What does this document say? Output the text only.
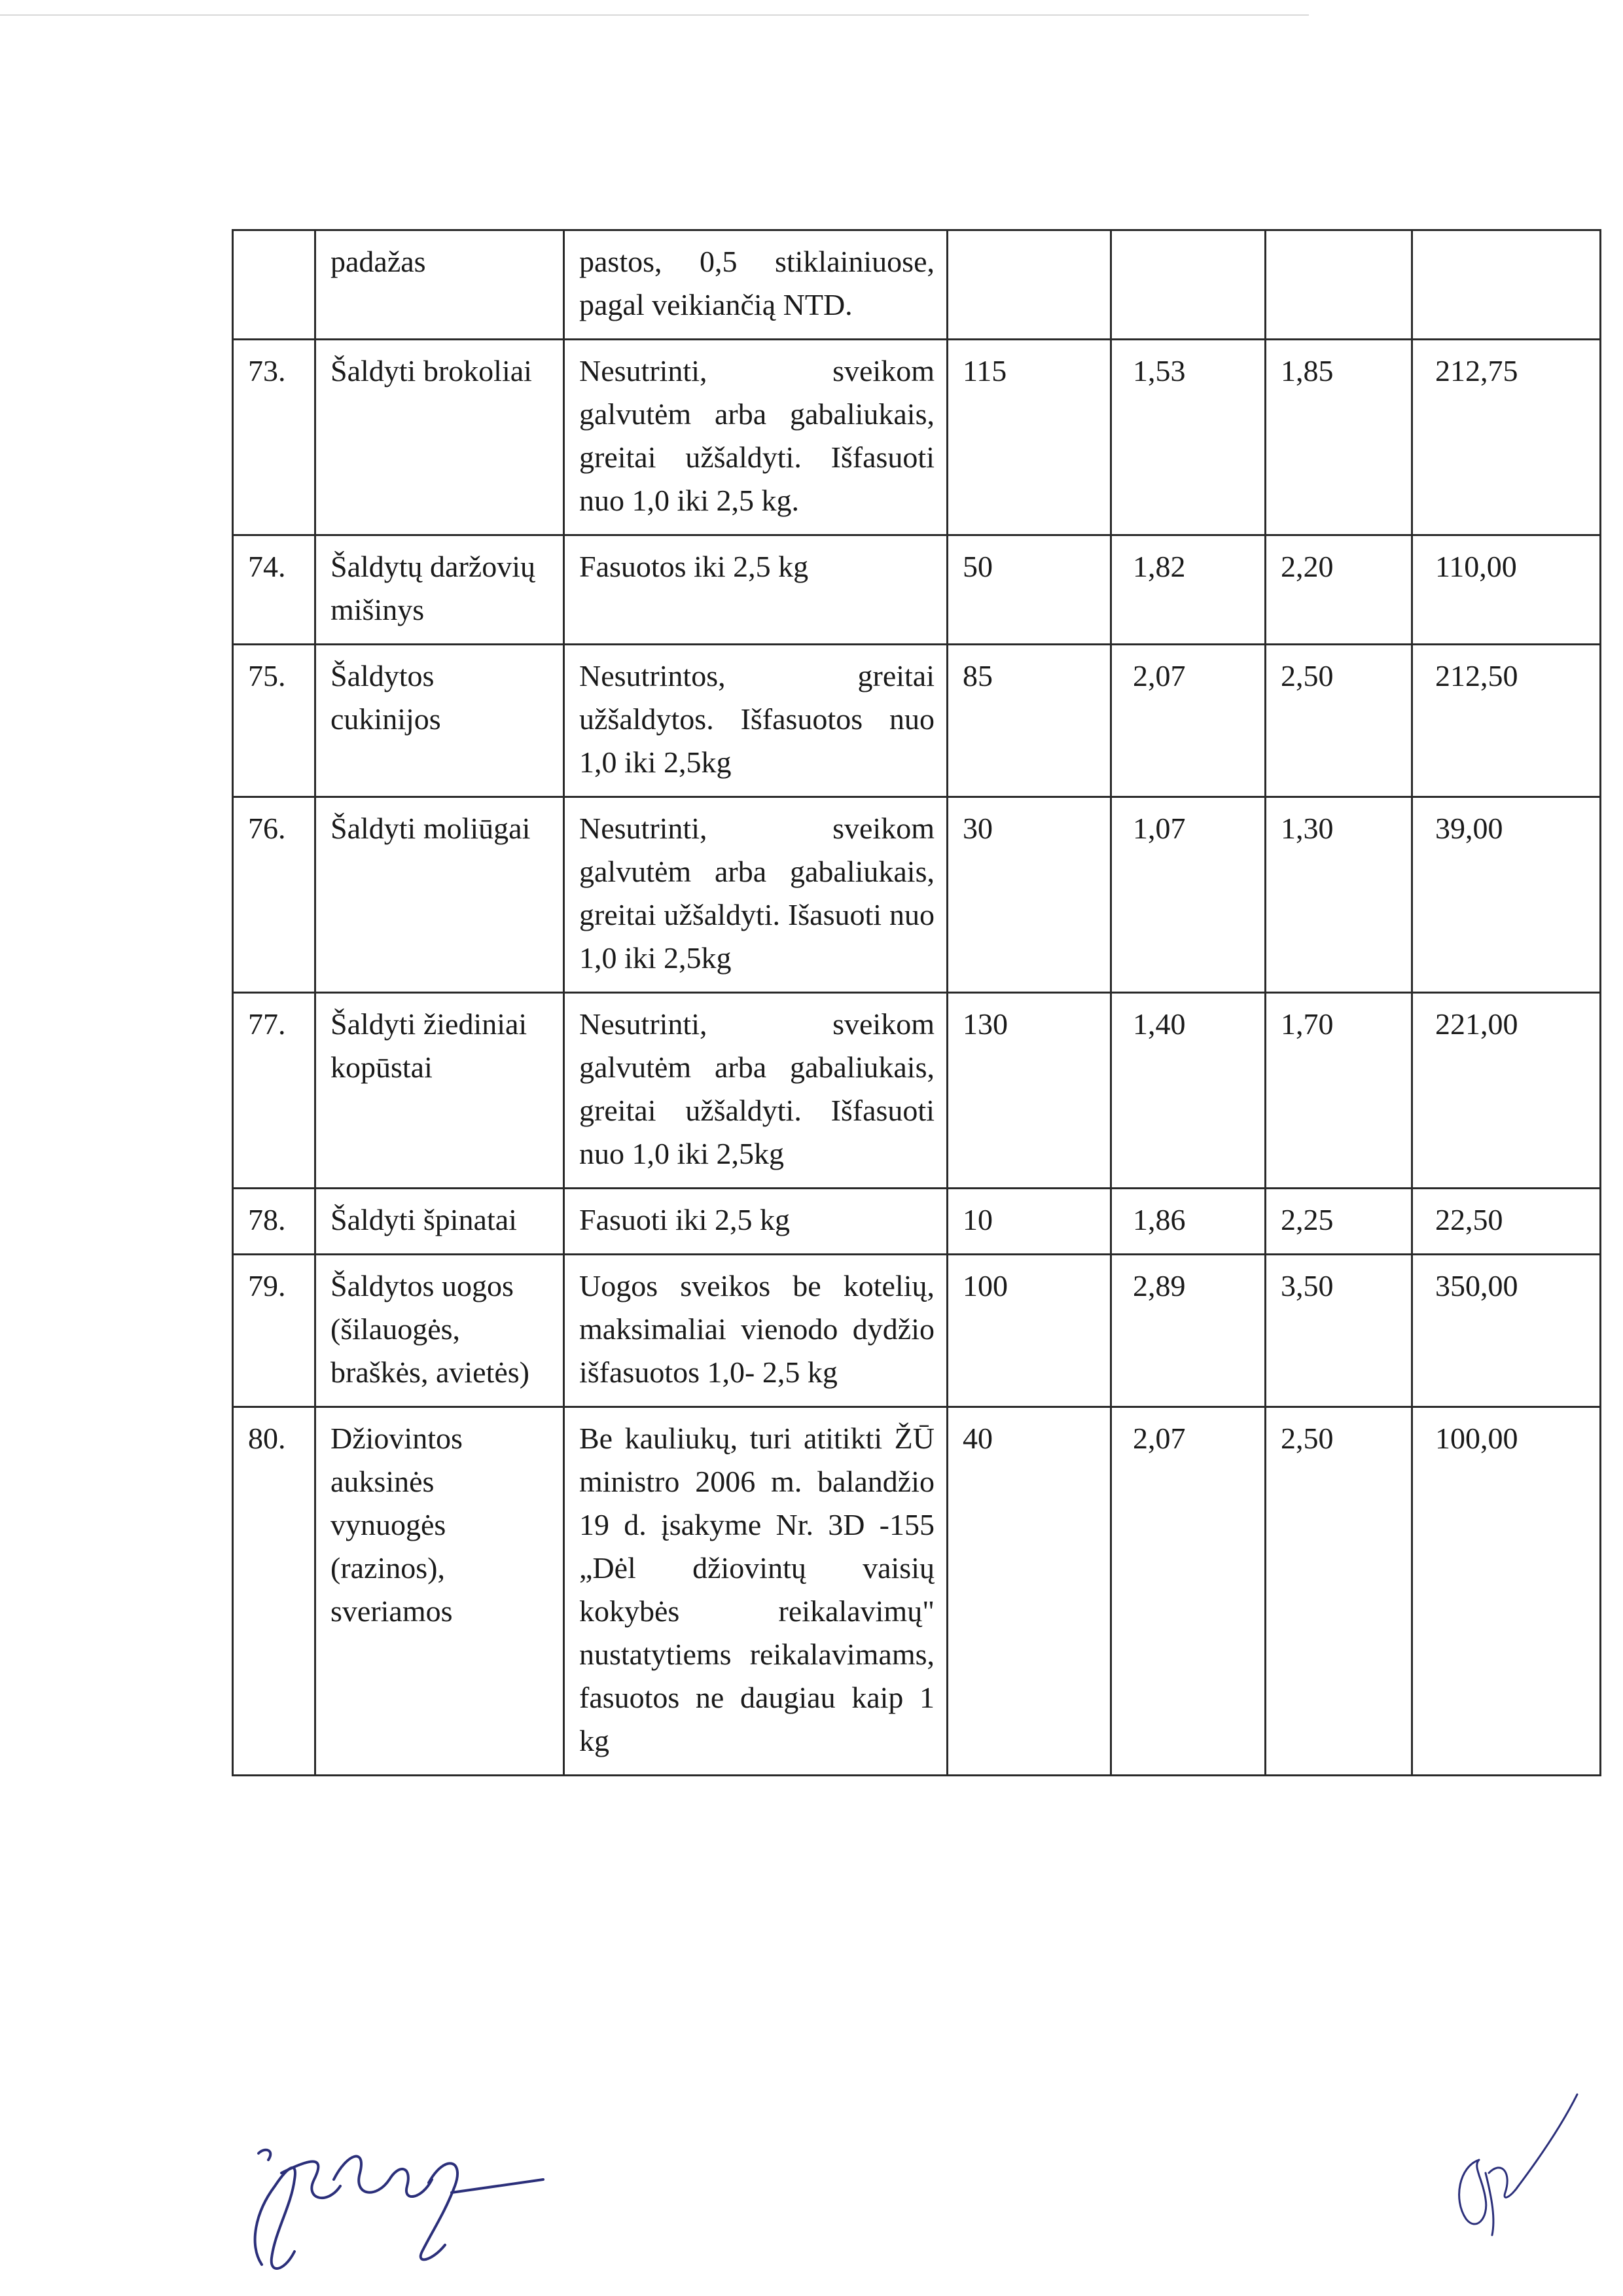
	padažas	pastos, 0,5 stiklainiuose, pagal veikiančią NTD.				
73.	Šaldyti brokoliai	Nesutrinti, sveikom galvutėm arba gabaliukais, greitai užšaldyti. Išfasuoti nuo 1,0 iki 2,5 kg.	115	1,53	1,85	212,75
74.	Šaldytų daržovių mišinys	Fasuotos iki 2,5 kg	50	1,82	2,20	110,00
75.	Šaldytos cukinijos	Nesutrintos, greitai užšaldytos. Išfasuotos nuo 1,0 iki 2,5kg	85	2,07	2,50	212,50
76.	Šaldyti moliūgai	Nesutrinti, sveikom galvutėm arba gabaliukais, greitai užšaldyti. Išasuoti nuo 1,0 iki 2,5kg	30	1,07	1,30	39,00
77.	Šaldyti žiediniai kopūstai	Nesutrinti, sveikom galvutėm arba gabaliukais, greitai užšaldyti. Išfasuoti nuo 1,0 iki 2,5kg	130	1,40	1,70	221,00
78.	Šaldyti špinatai	Fasuoti iki 2,5 kg	10	1,86	2,25	22,50
79.	Šaldytos uogos (šilauogės, braškės, avietės)	Uogos sveikos be kotelių, maksimaliai vienodo dydžio išfasuotos 1,0- 2,5 kg	100	2,89	3,50	350,00
80.	Džiovintos auksinės vynuogės (razinos), sveriamos	Be kauliukų, turi atitikti ŽŪ ministro 2006 m. balandžio 19 d. įsakyme Nr. 3D -155 „Dėl džiovintų vaisių kokybės reikalavimų" nustatytiems reikalavimams, fasuotos ne daugiau kaip 1 kg	40	2,07	2,50	100,00
